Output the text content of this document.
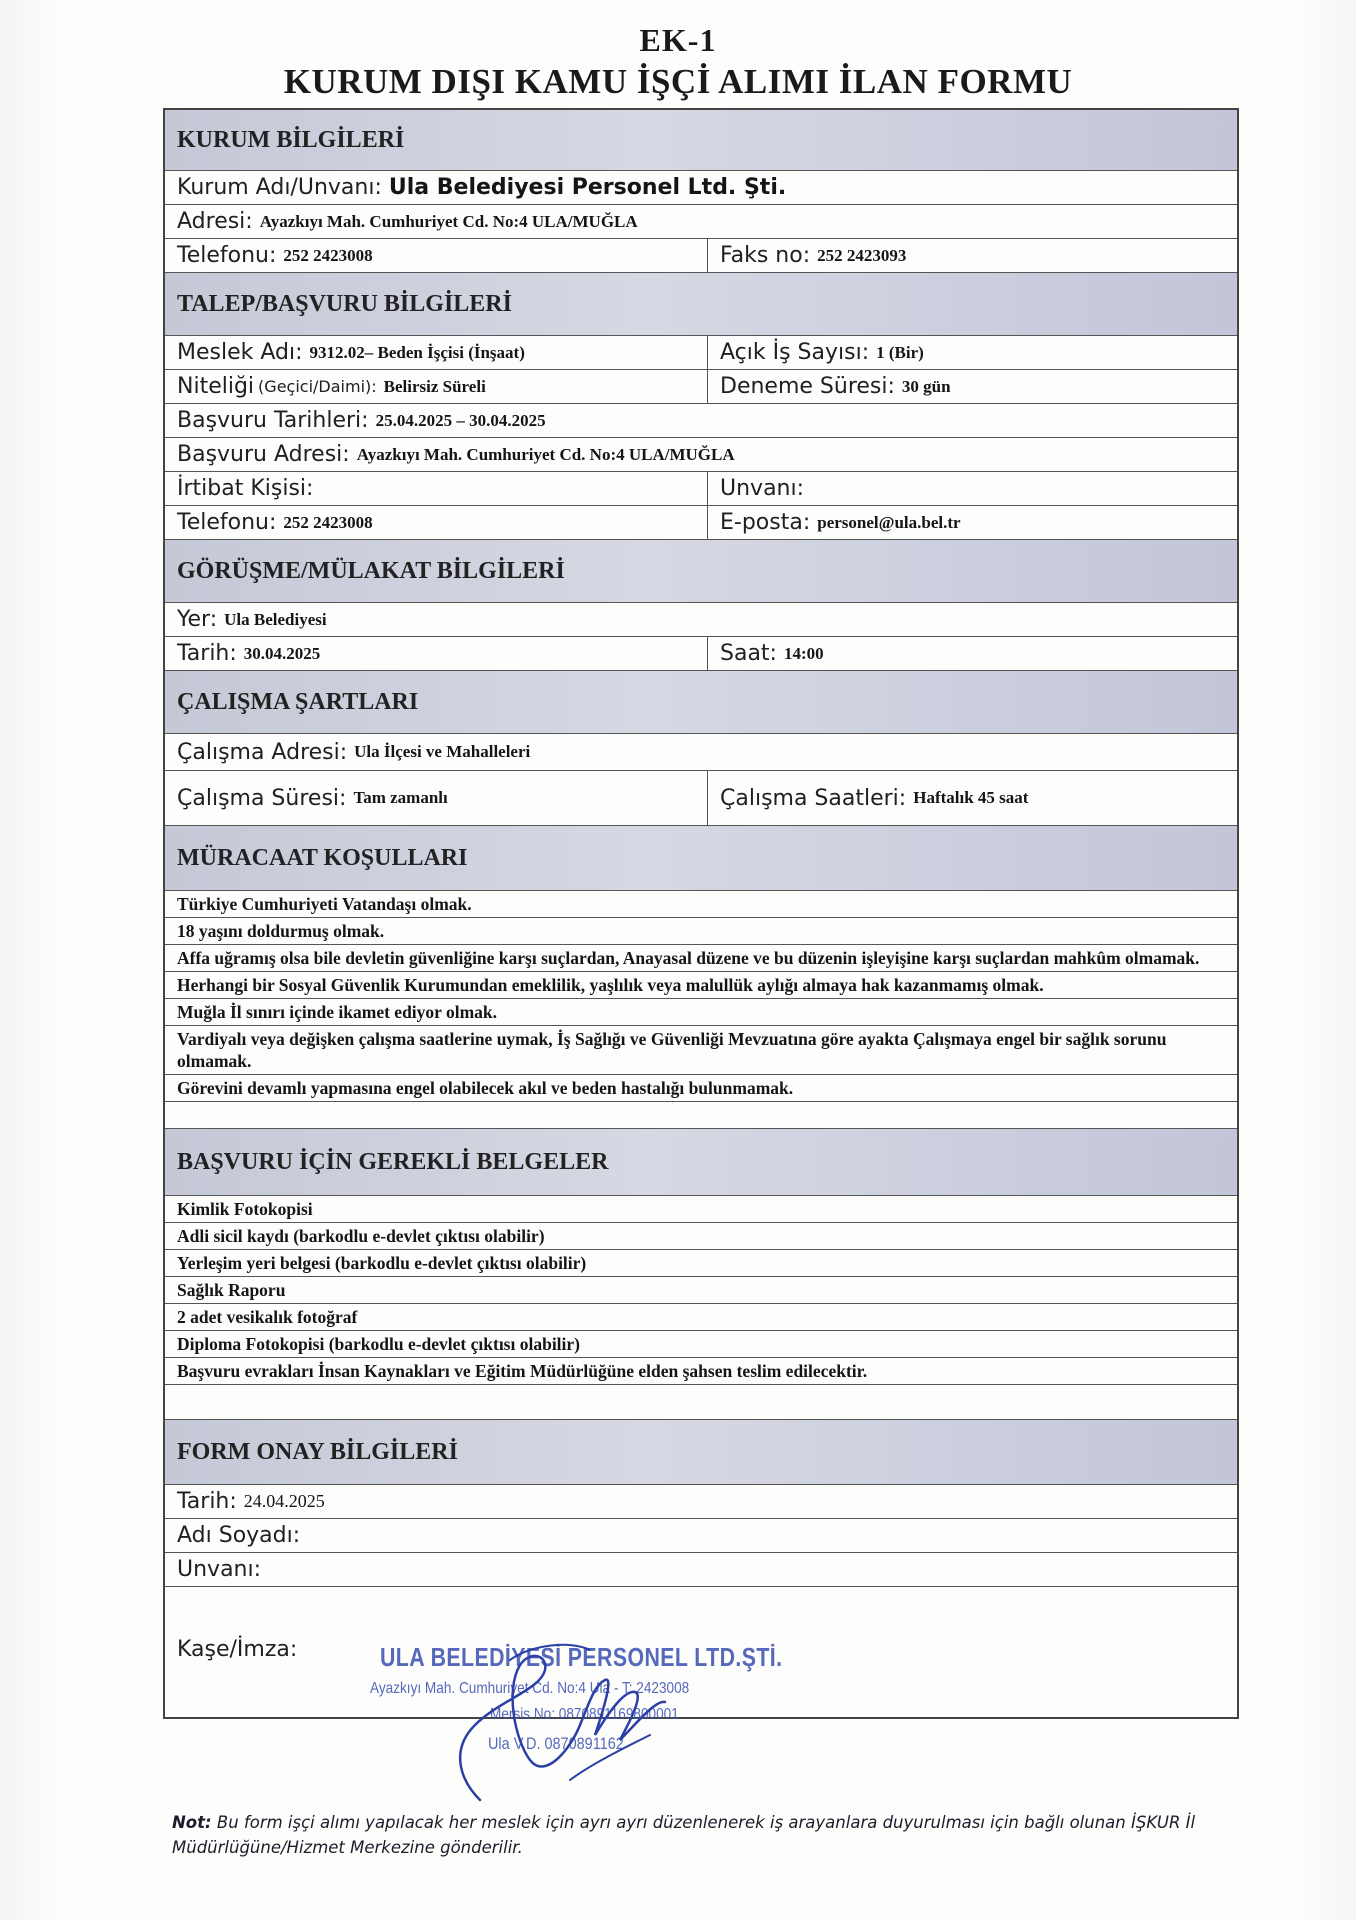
EK-1
KURUM DIŞI KAMU İŞÇİ ALIMI İLAN FORMU
KURUM BİLGİLERİ
Kurum Adı/Unvanı: Ula Belediyesi Personel Ltd. Şti.
Adresi: Ayazkıyı Mah. Cumhuriyet Cd. No:4 ULA/MUĞLA
Telefonu: 252 2423008	Faks no: 252 2423093
TALEP/BAŞVURU BİLGİLERİ
Meslek Adı: 9312.02– Beden İşçisi (İnşaat)	Açık İş Sayısı: 1 (Bir)
Niteliği (Geçici/Daimi): Belirsiz Süreli	Deneme Süresi: 30 gün
Başvuru Tarihleri: 25.04.2025 – 30.04.2025
Başvuru Adresi: Ayazkıyı Mah. Cumhuriyet Cd. No:4 ULA/MUĞLA
İrtibat Kişisi:	Unvanı:
Telefonu: 252 2423008	E-posta: personel@ula.bel.tr
GÖRÜŞME/MÜLAKAT BİLGİLERİ
Yer: Ula Belediyesi
Tarih: 30.04.2025	Saat: 14:00
ÇALIŞMA ŞARTLARI
Çalışma Adresi: Ula İlçesi ve Mahalleleri
Çalışma Süresi: Tam zamanlı	Çalışma Saatleri: Haftalık 45 saat
MÜRACAAT KOŞULLARI
Türkiye Cumhuriyeti Vatandaşı olmak.
18 yaşını doldurmuş olmak.
Affa uğramış olsa bile devletin güvenliğine karşı suçlardan, Anayasal düzene ve bu düzenin işleyişine karşı suçlardan mahkûm olmamak.
Herhangi bir Sosyal Güvenlik Kurumundan emeklilik, yaşlılık veya malullük aylığı almaya hak kazanmamış olmak.
Muğla İl sınırı içinde ikamet ediyor olmak.
Vardiyalı veya değişken çalışma saatlerine uymak, İş Sağlığı ve Güvenliği Mevzuatına göre ayakta Çalışmaya engel bir sağlık sorunu olmamak.
Görevini devamlı yapmasına engel olabilecek akıl ve beden hastalığı bulunmamak.
BAŞVURU İÇİN GEREKLİ BELGELER
Kimlik Fotokopisi
Adli sicil kaydı (barkodlu e-devlet çıktısı olabilir)
Yerleşim yeri belgesi (barkodlu e-devlet çıktısı olabilir)
Sağlık Raporu
2 adet vesikalık fotoğraf
Diploma Fotokopisi (barkodlu e-devlet çıktısı olabilir)
Başvuru evrakları İnsan Kaynakları ve Eğitim Müdürlüğüne elden şahsen teslim edilecektir.
FORM ONAY BİLGİLERİ
Tarih: 24.04.2025
Adı Soyadı:
Unvanı:
Kaşe/İmza:	ULA BELEDİYESİ PERSONEL LTD.ŞTİ.
Ayazkıyı Mah. Cumhuriyet Cd. No:4 Ula - T: 2423008
Mersis No: 0870891169800001
Ula V.D. 0870891162
Not: Bu form işçi alımı yapılacak her meslek için ayrı ayrı düzenlenerek iş arayanlara duyurulması için bağlı olunan İŞKUR İl Müdürlüğüne/Hizmet Merkezine gönderilir.
